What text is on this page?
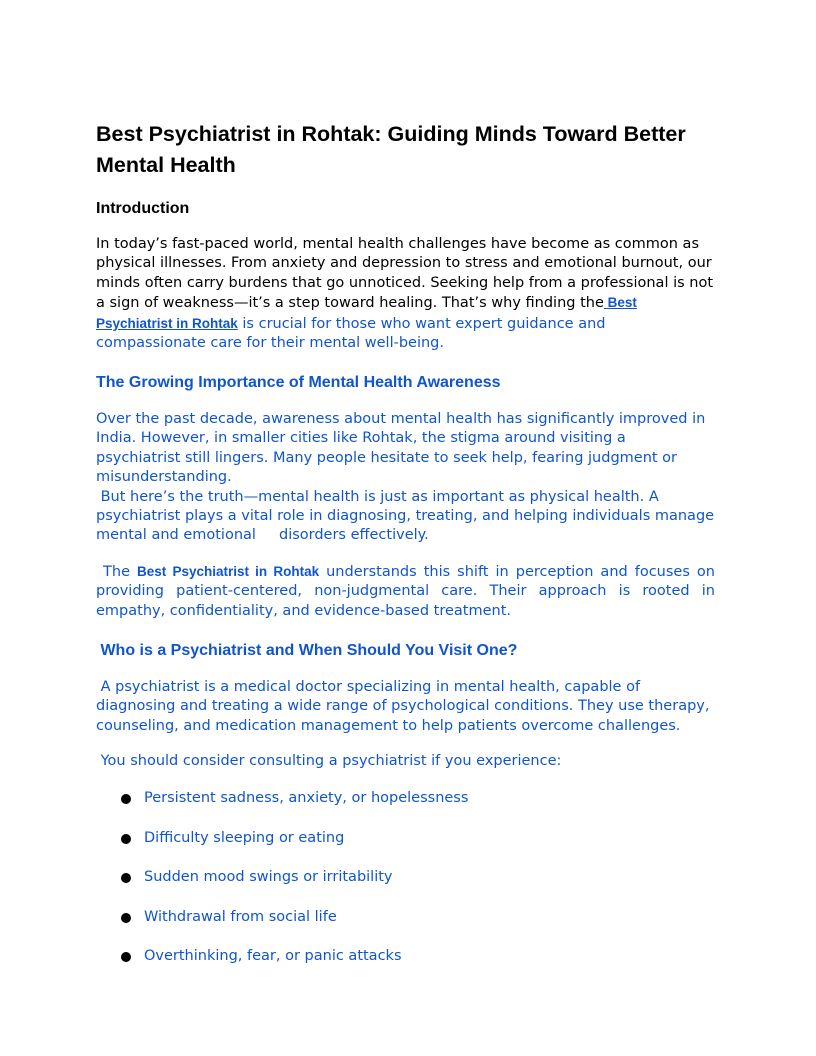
Best Psychiatrist in Rohtak: Guiding Minds Toward Better Mental Health
Introduction
In today’s fast-paced world, mental health challenges have become as common as
physical illnesses. From anxiety and depression to stress and emotional burnout, our
minds often carry burdens that go unnoticed. Seeking help from a professional is not
a sign of weakness—it’s a step toward healing. That’s why finding the Best
Psychiatrist in Rohtak is crucial for those who want expert guidance and
compassionate care for their mental well-being.
The Growing Importance of Mental Health Awareness
Over the past decade, awareness about mental health has significantly improved in
India. However, in smaller cities like Rohtak, the stigma around visiting a
psychiatrist still lingers. Many people hesitate to seek help, fearing judgment or
misunderstanding.
But here’s the truth—mental health is just as important as physical health. A
psychiatrist plays a vital role in diagnosing, treating, and helping individuals manage
mental and emotional     disorders effectively.
The Best Psychiatrist in Rohtak understands this shift in perception and focuses on providing patient-centered, non-judgmental care. Their approach is rooted in empathy, confidentiality, and evidence-based treatment.
Who is a Psychiatrist and When Should You Visit One?
A psychiatrist is a medical doctor specializing in mental health, capable of
diagnosing and treating a wide range of psychological conditions. They use therapy,
counseling, and medication management to help patients overcome challenges.
You should consider consulting a psychiatrist if you experience:
Persistent sadness, anxiety, or hopelessness
Difficulty sleeping or eating
Sudden mood swings or irritability
Withdrawal from social life
Overthinking, fear, or panic attacks
